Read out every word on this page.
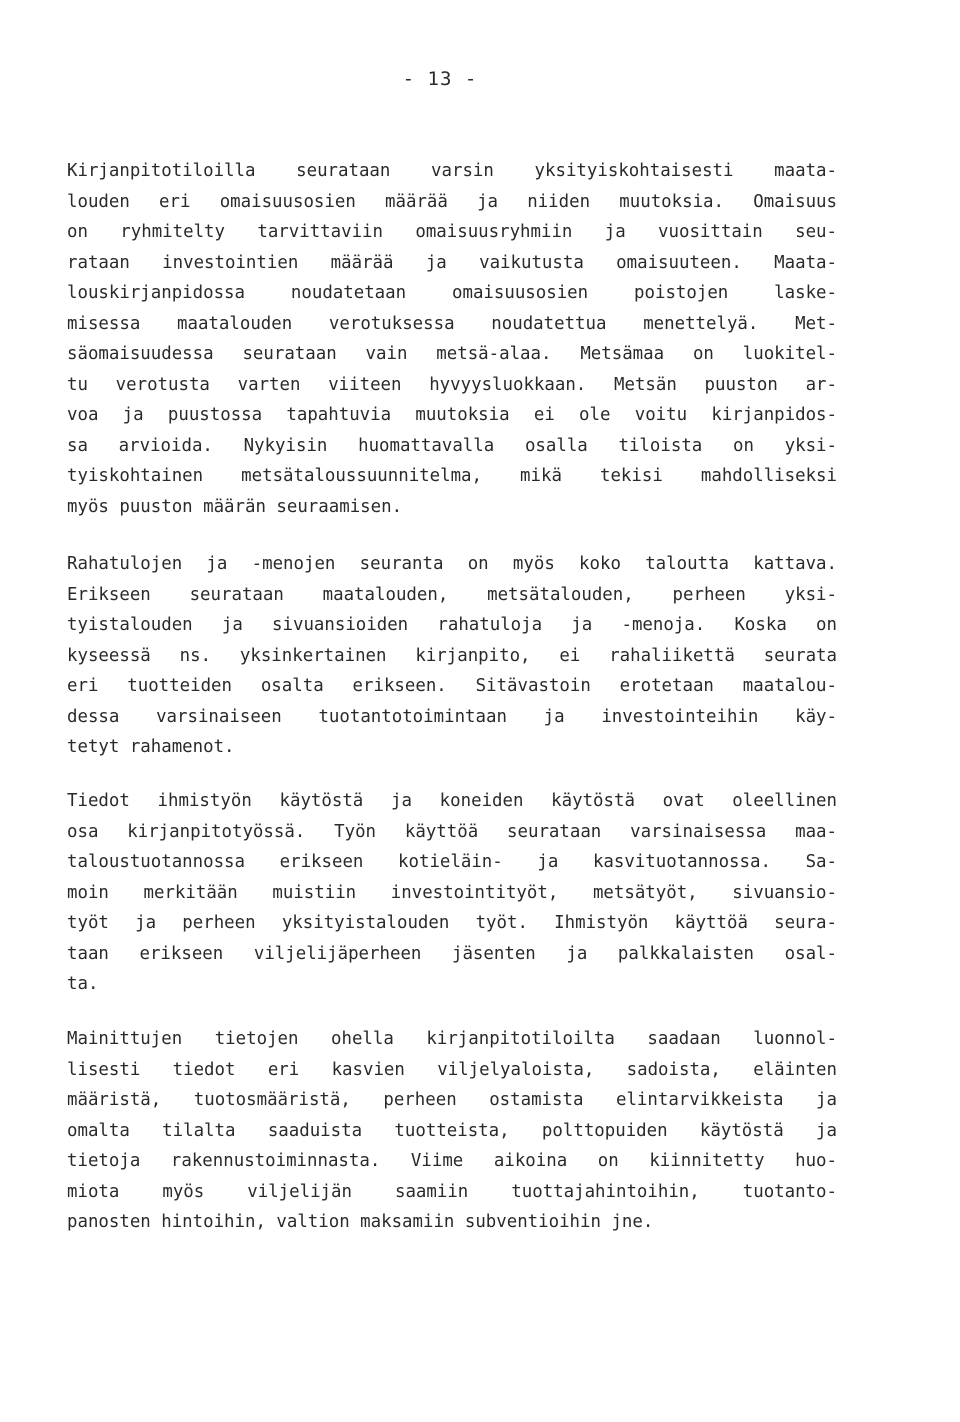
- 13 -
Kirjanpitotiloilla seurataan varsin yksityiskohtaisesti maata-
louden eri omaisuusosien määrää ja niiden muutoksia. Omaisuus
on ryhmitelty tarvittaviin omaisuusryhmiin ja vuosittain seu-
rataan investointien määrää ja vaikutusta omaisuuteen. Maata-
louskirjanpidossa noudatetaan omaisuusosien poistojen laske-
misessa maatalouden verotuksessa noudatettua menettelyä. Met-
säomaisuudessa seurataan vain metsä-alaa. Metsämaa on luokitel-
tu verotusta varten viiteen hyvyysluokkaan. Metsän puuston ar-
voa ja puustossa tapahtuvia muutoksia ei ole voitu kirjanpidos-
sa arvioida. Nykyisin huomattavalla osalla tiloista on yksi-
tyiskohtainen metsätaloussuunnitelma, mikä tekisi mahdolliseksi
myös puuston määrän seuraamisen.
Rahatulojen ja -menojen seuranta on myös koko taloutta kattava.
Erikseen seurataan maatalouden, metsätalouden, perheen yksi-
tyistalouden ja sivuansioiden rahatuloja ja -menoja. Koska on
kyseessä ns. yksinkertainen kirjanpito, ei rahaliikettä seurata
eri tuotteiden osalta erikseen. Sitävastoin erotetaan maatalou-
dessa varsinaiseen tuotantotoimintaan ja investointeihin käy-
tetyt rahamenot.
Tiedot ihmistyön käytöstä ja koneiden käytöstä ovat oleellinen
osa kirjanpitotyössä. Työn käyttöä seurataan varsinaisessa maa-
taloustuotannossa erikseen kotieläin- ja kasvituotannossa. Sa-
moin merkitään muistiin investointityöt, metsätyöt, sivuansio-
työt ja perheen yksityistalouden työt. Ihmistyön käyttöä seura-
taan erikseen viljelijäperheen jäsenten ja palkkalaisten osal-
ta.
Mainittujen tietojen ohella kirjanpitotiloilta saadaan luonnol-
lisesti tiedot eri kasvien viljelyaloista, sadoista, eläinten
määristä, tuotosmääristä, perheen ostamista elintarvikkeista ja
omalta tilalta saaduista tuotteista, polttopuiden käytöstä ja
tietoja rakennustoiminnasta. Viime aikoina on kiinnitetty huo-
miota myös viljelijän saamiin tuottajahintoihin, tuotanto-
panosten hintoihin, valtion maksamiin subventioihin jne.
